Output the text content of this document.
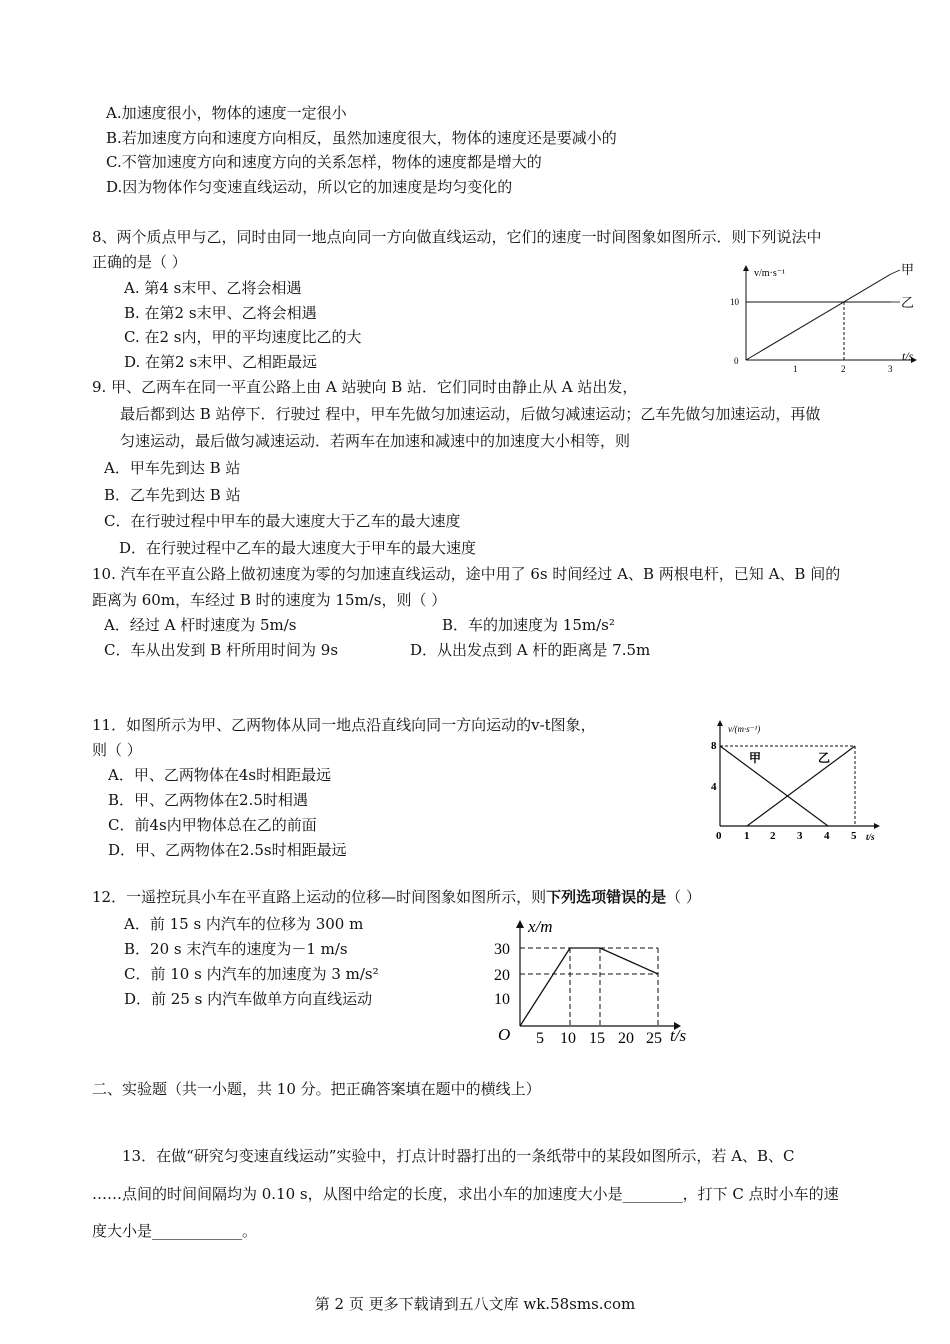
A.加速度很小，物体的速度一定很小
B.若加速度方向和速度方向相反，虽然加速度很大，物体的速度还是要减小的
C.不管加速度方向和速度方向的关系怎样，物体的速度都是增大的
D.因为物体作匀变速直线运动，所以它的加速度是均匀变化的
8、两个质点甲与乙，同时由同一地点向同一方向做直线运动，它们的速度一时间图象如图所示．则下列说法中
正确的是（ ）
A. 第4 s末甲、乙将会相遇
B. 在第2 s末甲、乙将会相遇
C. 在2 s内，甲的平均速度比乙的大
D. 在第2 s末甲、乙相距最远
v/m·s⁻¹
t/s
10
0
1	2	3
甲
乙
9. 甲、乙两车在同一平直公路上由 A 站驶向 B 站．它们同时由静止从 A 站出发，
最后都到达 B 站停下．行驶过 程中，甲车先做匀加速运动，后做匀减速运动；乙车先做匀加速运动，再做
匀速运动，最后做匀减速运动．若两车在加速和减速中的加速度大小相等，则
A．甲车先到达 B 站
B．乙车先到达 B 站
C．在行驶过程中甲车的最大速度大于乙车的最大速度
D．在行驶过程中乙车的最大速度大于甲车的最大速度
10. 汽车在平直公路上做初速度为零的匀加速直线运动，途中用了 6s 时间经过 A、B 两根电杆，已知 A、B 间的
距离为 60m，车经过 B 时的速度为 15m/s，则（ ）
A．经过 A 杆时速度为 5m/s	B．车的加速度为 15m/s²
C．车从出发到 B 杆所用时间为 9s	D．从出发点到 A 杆的距离是 7.5m
11．如图所示为甲、乙两物体从同一地点沿直线向同一方向运动的v-t图象，
则（ ）
A．甲、乙两物体在4s时相距最远
B．甲、乙两物体在2.5时相遇
C．前4s内甲物体总在乙的前面
D．甲、乙两物体在2.5s时相距最远
v/(m·s⁻¹)
t/s
8
4
0 1 2 3 4 5
甲	乙
12．一遥控玩具小车在平直路上运动的位移—时间图象如图所示，则下列选项错误的是（ ）
A．前 15 s 内汽车的位移为 300 m
B．20 s 末汽车的速度为－1 m/s
C．前 10 s 内汽车的加速度为 3 m/s²
D．前 25 s 内汽车做单方向直线运动
x/m
t/s
O
30
20
10
5 10 15 20 25
二、实验题（共一小题，共 10 分。把正确答案填在题中的横线上）
13．在做“研究匀变速直线运动”实验中，打点计时器打出的一条纸带中的某段如图所示，若 A、B、C
……点间的时间间隔均为 0.10 s，从图中给定的长度，求出小车的加速度大小是________，打下 C 点时小车的速
度大小是____________。
第 2 页 更多下载请到五八文库 wk.58sms.com
